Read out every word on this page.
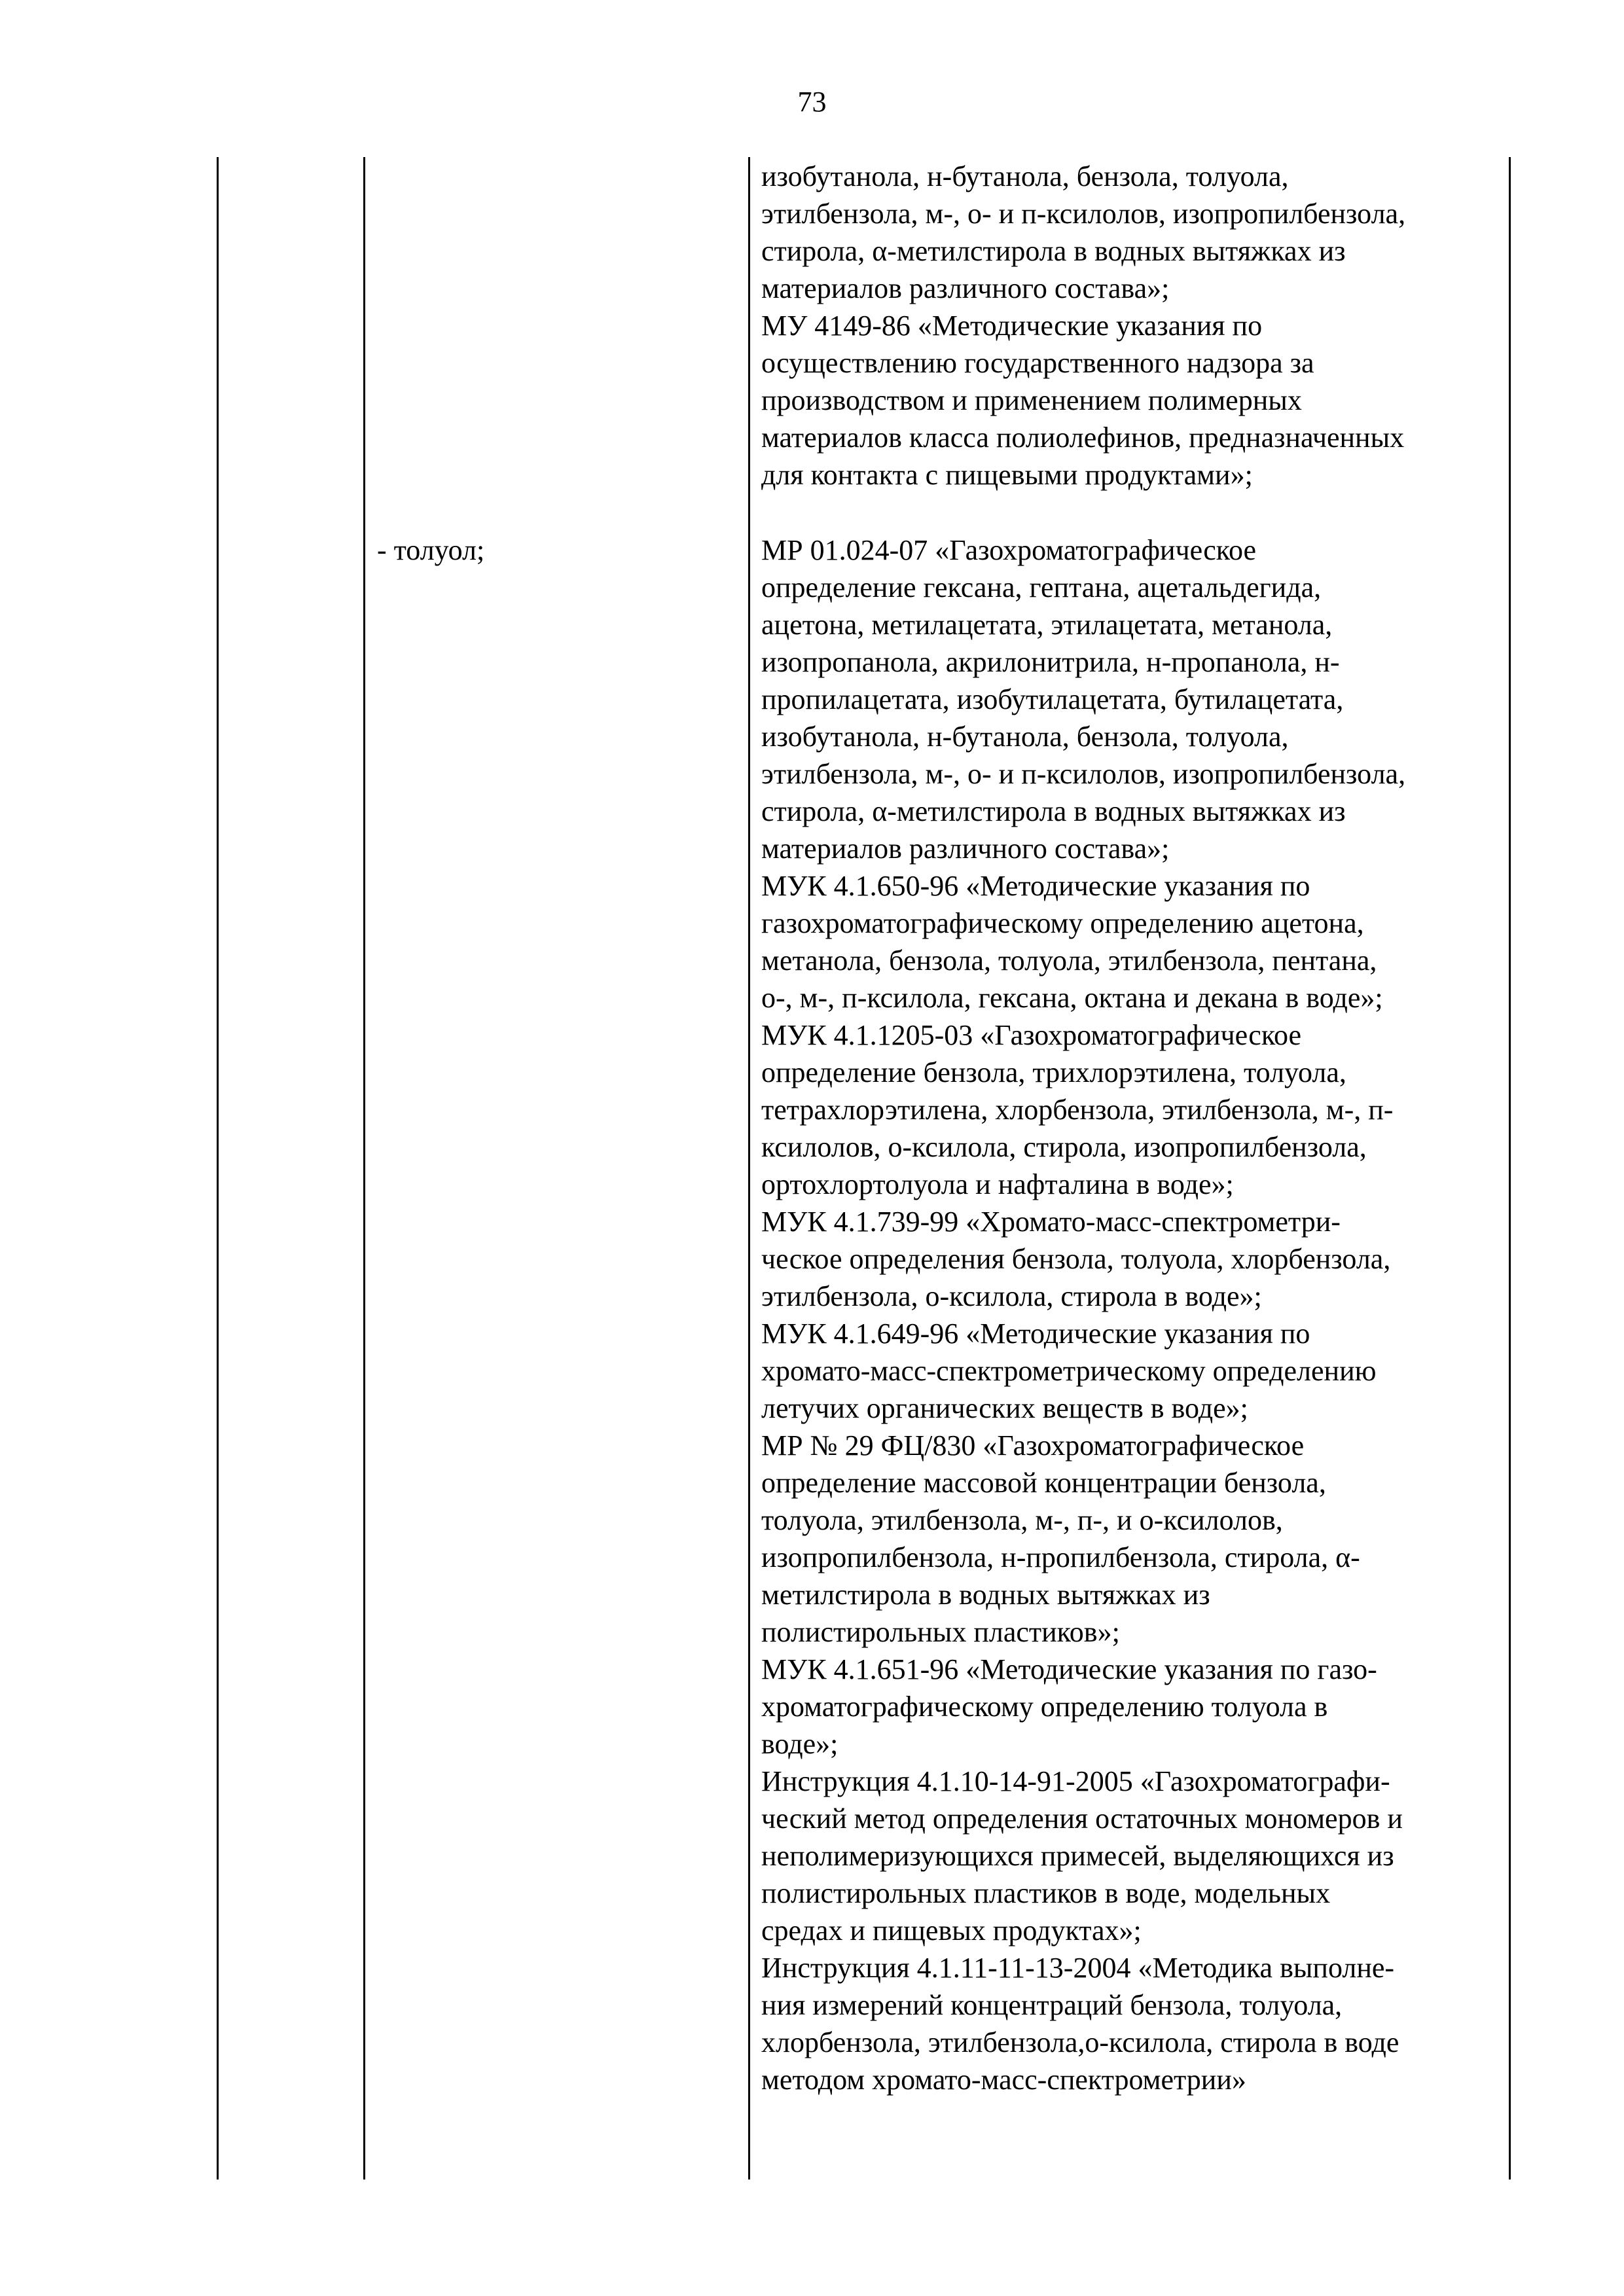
73
изобутанола, н-бутанола, бензола, толуола,
этилбензола, м-, о- и п-ксилолов, изопропилбензола,
стирола, α-метилстирола в водных вытяжках из
материалов различного состава»;
МУ 4149-86 «Методические указания по
осуществлению государственного надзора за
производством и применением полимерных
материалов класса полиолефинов, предназначенных
для контакта с пищевыми продуктами»;
- толуол;	МР 01.024-07 «Газохроматографическое
определение гексана, гептана, ацетальдегида,
ацетона, метилацетата, этилацетата, метанола,
изопропанола, акрилонитрила, н-пропанола, н-
пропилацетата, изобутилацетата, бутилацетата,
изобутанола, н-бутанола, бензола, толуола,
этилбензола, м-, о- и п-ксилолов, изопропилбензола,
стирола, α-метилстирола в водных вытяжках из
материалов различного состава»;
МУК 4.1.650-96 «Методические указания по
газохроматографическому определению ацетона,
метанола, бензола, толуола, этилбензола, пентана,
о-, м-, п-ксилола, гексана, октана и декана в воде»;
МУК 4.1.1205-03 «Газохроматографическое
определение бензола, трихлорэтилена, толуола,
тетрахлорэтилена, хлорбензола, этилбензола, м-, п-
ксилолов, о-ксилола, стирола, изопропилбензола,
ортохлортолуола и нафталина в воде»;
МУК 4.1.739-99 «Хромато-масс-спектрометри-
ческое определения бензола, толуола, хлорбензола,
этилбензола, о-ксилола, стирола в воде»;
МУК 4.1.649-96 «Методические указания по
хромато-масс-спектрометрическому определению
летучих органических веществ в воде»;
МР № 29 ФЦ/830 «Газохроматографическое
определение массовой концентрации бензола,
толуола, этилбензола, м-, п-, и о-ксилолов,
изопропилбензола, н-пропилбензола, стирола, α-
метилстирола в водных вытяжках из
полистирольных пластиков»;
МУК 4.1.651-96 «Методические указания по газо-
хроматографическому определению толуола в
воде»;
Инструкция 4.1.10-14-91-2005 «Газохроматографи-
ческий метод определения остаточных мономеров и
неполимеризующихся примесей, выделяющихся из
полистирольных пластиков в воде, модельных
средах и пищевых продуктах»;
Инструкция 4.1.11-11-13-2004 «Методика выполне-
ния измерений концентраций бензола, толуола,
хлорбензола, этилбензола,о-ксилола, стирола в воде
методом хромато-масс-спектрометрии»
